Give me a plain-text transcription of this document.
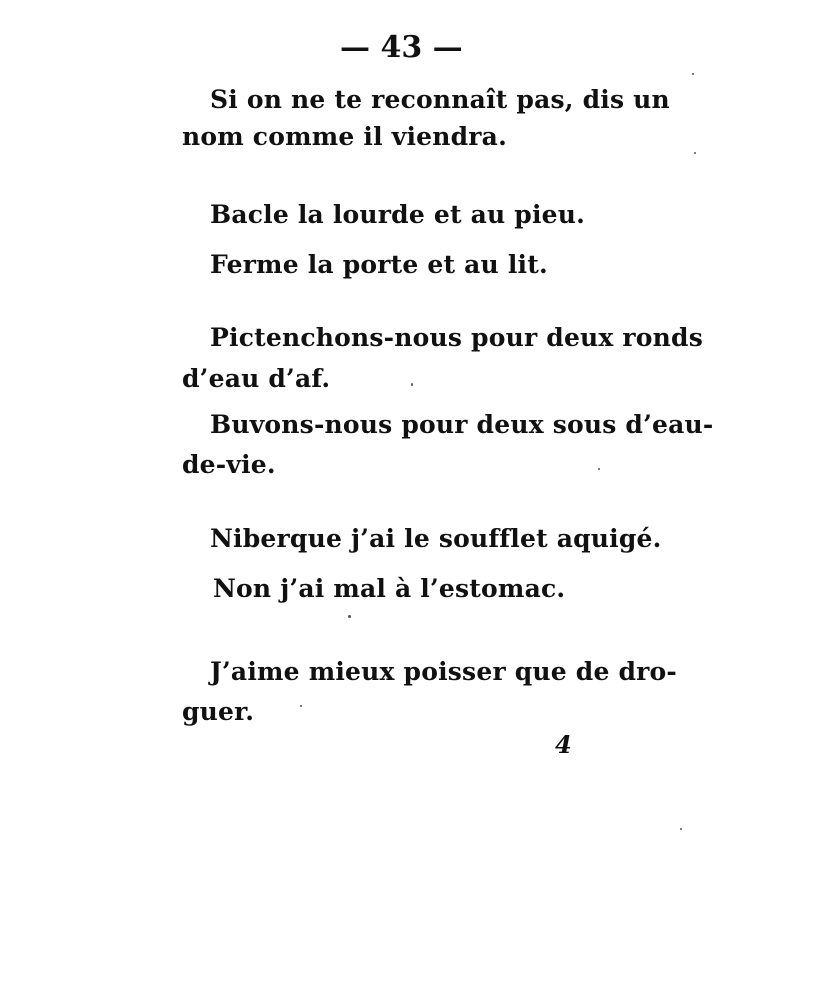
— 43 —
Si on ne te reconnaît pas, dis un
nom comme il viendra.
Bacle la lourde et au pieu.
Ferme la porte et au lit.
Pictenchons-nous pour deux ronds
d’eau d’af.
Buvons-nous pour deux sous d’eau-
de-vie.
Niberque j’ai le soufflet aquigé.
Non j’ai mal à l’estomac.
J’aime mieux poisser que de dro-
guer.
4
